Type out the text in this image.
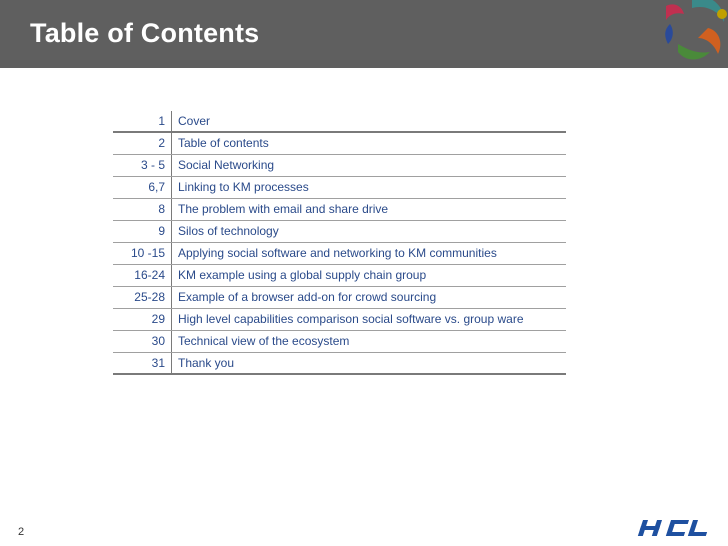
Table of Contents
1 Cover
2 Table of contents
3 - 5 Social Networking
6,7 Linking to KM processes
8 The problem with email and share drive
9 Silos of technology
10 -15 Applying social software and networking to KM communities
16-24 KM example using a global supply chain group
25-28 Example of a browser add-on for crowd sourcing
29 High level capabilities comparison social software vs. group ware
30 Technical view of the ecosystem
31 Thank you
2
